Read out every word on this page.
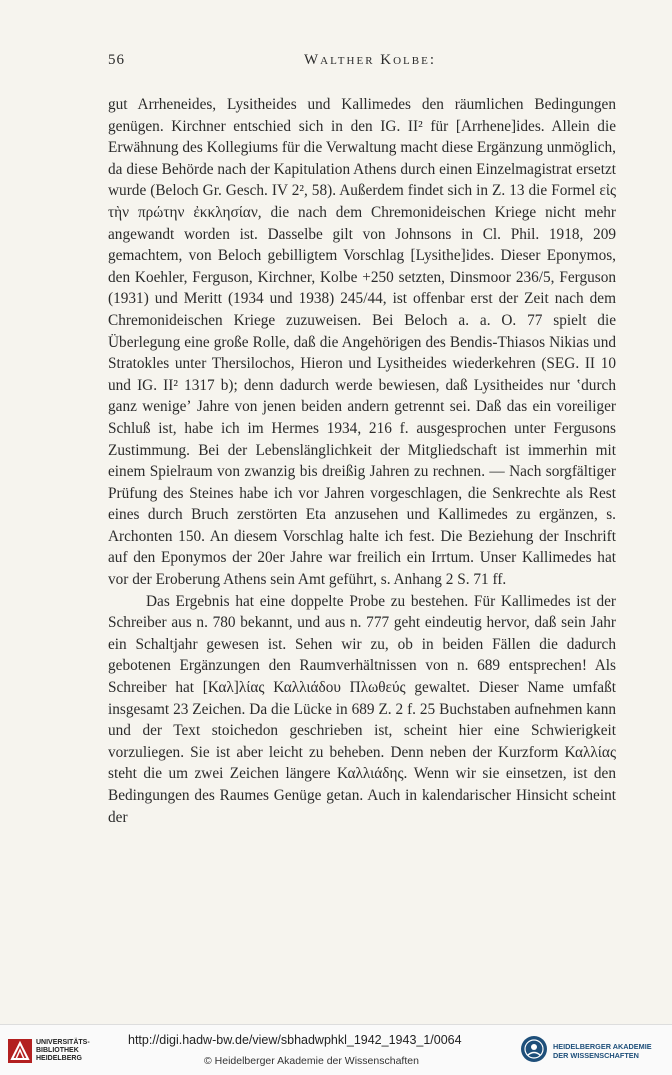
56	Walther Kolbe:

gut Arrheneides, Lysitheides und Kallimedes den räumlichen Bedingungen genügen. Kirchner entschied sich in den IG. II² für [Arrhene]ides. Allein die Erwähnung des Kollegiums für die Verwaltung macht diese Ergänzung unmöglich, da diese Behörde nach der Kapitulation Athens durch einen Einzelmagistrat ersetzt wurde (Beloch Gr. Gesch. IV 2², 58). Außerdem findet sich in Z. 13 die Formel εἰς τὴν πρώτην ἐκκλησίαν, die nach dem Chremonideischen Kriege nicht mehr angewandt worden ist. Dasselbe gilt von Johnsons in Cl. Phil. 1918, 209 gemachtem, von Beloch gebilligtem Vorschlag [Lysithe]ides. Dieser Eponymos, den Koehler, Ferguson, Kirchner, Kolbe +250 setzten, Dinsmoor 236/5, Ferguson (1931) und Meritt (1934 und 1938) 245/44, ist offenbar erst der Zeit nach dem Chremonideischen Kriege zuzuweisen. Bei Beloch a. a. O. 77 spielt die Überlegung eine große Rolle, daß die Angehörigen des Bendis-Thiasos Nikias und Stratokles unter Thersilochos, Hieron und Lysitheides wiederkehren (SEG. II 10 und IG. II² 1317 b); denn dadurch werde bewiesen, daß Lysitheides nur ʽdurch ganz wenigeʼ Jahre von jenen beiden andern getrennt sei. Daß das ein voreiliger Schluß ist, habe ich im Hermes 1934, 216 f. ausgesprochen unter Fergusons Zustimmung. Bei der Lebenslänglichkeit der Mitgliedschaft ist immerhin mit einem Spielraum von zwanzig bis dreißig Jahren zu rechnen. — Nach sorgfältiger Prüfung des Steines habe ich vor Jahren vorgeschlagen, die Senkrechte als Rest eines durch Bruch zerstörten Eta anzusehen und Kallimedes zu ergänzen, s. Archonten 150. An diesem Vorschlag halte ich fest. Die Beziehung der Inschrift auf den Eponymos der 20er Jahre war freilich ein Irrtum. Unser Kallimedes hat vor der Eroberung Athens sein Amt geführt, s. Anhang 2 S. 71 ff.

Das Ergebnis hat eine doppelte Probe zu bestehen. Für Kallimedes ist der Schreiber aus n. 780 bekannt, und aus n. 777 geht eindeutig hervor, daß sein Jahr ein Schaltjahr gewesen ist. Sehen wir zu, ob in beiden Fällen die dadurch gebotenen Ergänzungen den Raumverhältnissen von n. 689 entsprechen! Als Schreiber hat [Καλ]λίας Καλλιάδου Πλωθεύς gewaltet. Dieser Name umfaßt insgesamt 23 Zeichen. Da die Lücke in 689 Z. 2 f. 25 Buchstaben aufnehmen kann und der Text stoichedon geschrieben ist, scheint hier eine Schwierigkeit vorzuliegen. Sie ist aber leicht zu beheben. Denn neben der Kurzform Καλλίας steht die um zwei Zeichen längere Καλλιάδης. Wenn wir sie einsetzen, ist den Bedingungen des Raumes Genüge getan. Auch in kalendarischer Hinsicht scheint der

UNIVERSITÄTS-
BIBLIOTHEK
HEIDELBERG
http://digi.hadw-bw.de/view/sbhadwphkl_1942_1943_1/0064
© Heidelberger Akademie der Wissenschaften
HEIDELBERGER AKADEMIE
DER WISSENSCHAFTEN
